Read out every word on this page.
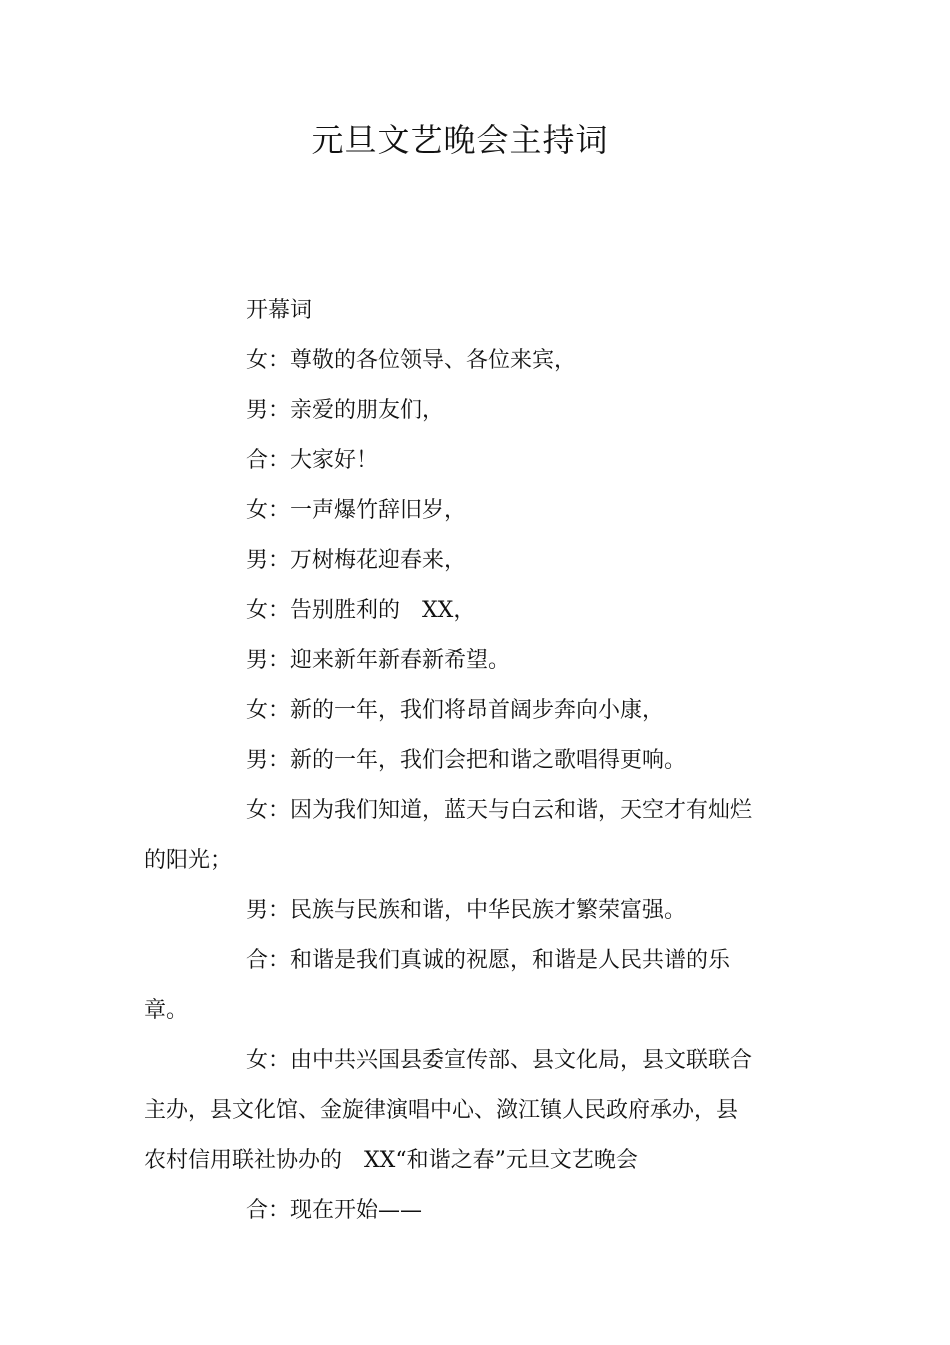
元旦文艺晚会主持词

开幕词

女：尊敬的各位领导、各位来宾，

男：亲爱的朋友们，

合：大家好！

女：一声爆竹辞旧岁，

男：万树梅花迎春来，

女：告别胜利的　XX，

男：迎来新年新春新希望。

女：新的一年，我们将昂首阔步奔向小康，

男：新的一年，我们会把和谐之歌唱得更响。

女：因为我们知道，蓝天与白云和谐，天空才有灿烂的阳光；

男：民族与民族和谐，中华民族才繁荣富强。

合：和谐是我们真诚的祝愿，和谐是人民共谱的乐章。

女：由中共兴国县委宣传部、县文化局，县文联联合主办，县文化馆、金旋律演唱中心、潋江镇人民政府承办，县农村信用联社协办的　XX“和谐之春”元旦文艺晚会

合：现在开始——
